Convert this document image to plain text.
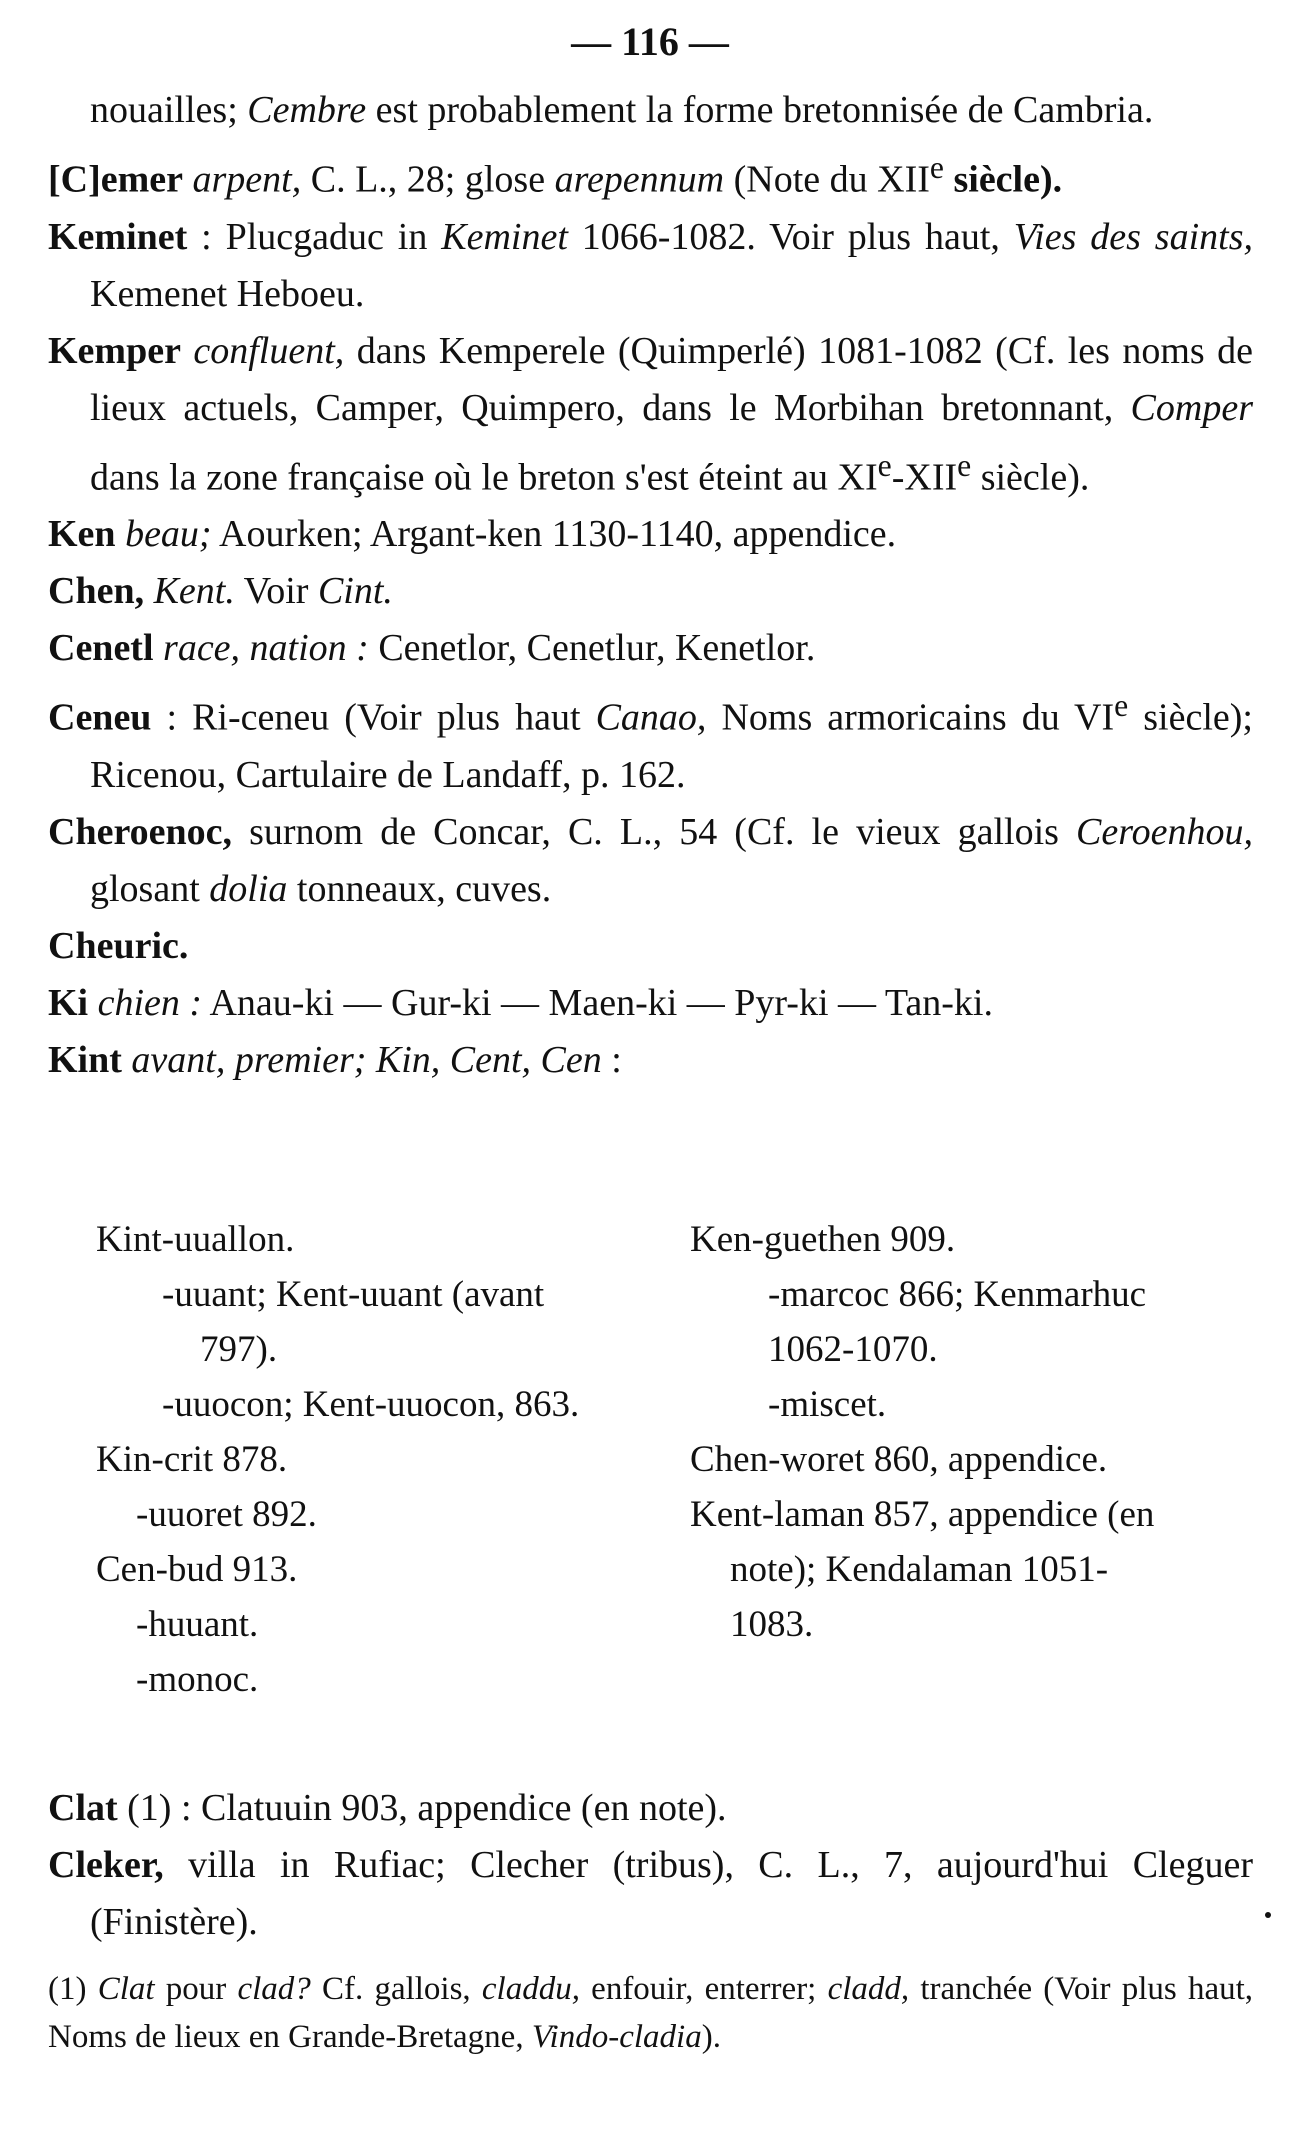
— 116 —

nouailles; Cembre est probablement la forme bretonnisée de Cambria.

[C]emer arpent, C. L., 28; glose arepennum (Note du XIIe siècle).

Keminet : Plucgaduc in Keminet 1066-1082. Voir plus haut, Vies des saints, Kemenet Heboeu.

Kemper confluent, dans Kemperele (Quimperlé) 1081-1082 (Cf. les noms de lieux actuels, Camper, Quimpero, dans le Morbihan bretonnant, Comper dans la zone française où le breton s'est éteint au XIe-XIIe siècle).

Ken beau; Aourken; Argant-ken 1130-1140, appendice.

Chen, Kent. Voir Cint.

Cenetl race, nation : Cenetlor, Cenetlur, Kenetlor.

Ceneu : Ri-ceneu (Voir plus haut Canao, Noms armoricains du VIe siècle); Ricenou, Cartulaire de Landaff, p. 162.

Cheroenoc, surnom de Concar, C. L., 54 (Cf. le vieux gallois Ceroenhou, glosant dolia tonneaux, cuves.

Cheuric.

Ki chien : Anau-ki — Gur-ki — Maen-ki — Pyr-ki — Tan-ki.

Kint avant, premier; Kin, Cent, Cen :

Kint-uuallon.
-uuant; Kent-uuant (avant
797).
-uuocon; Kent-uuocon, 863.
Kin-crit 878.
-uuoret 892.
Cen-bud 913.
-huuant.
-monoc.
Ken-guethen 909.
-marcoc 866; Kenmarhuc
1062-1070.
-miscet.
Chen-woret 860, appendice.
Kent-laman 857, appendice (en
note); Kendalaman 1051-
1083.

Clat (1) : Clatuuin 903, appendice (en note).

Cleker, villa in Rufiac; Clecher (tribus), C. L., 7, aujourd'hui Cleguer (Finistère).

(1) Clat pour clad? Cf. gallois, claddu, enfouir, enterrer; cladd, tranchée (Voir plus haut, Noms de lieux en Grande-Bretagne, Vindo-cladia).
